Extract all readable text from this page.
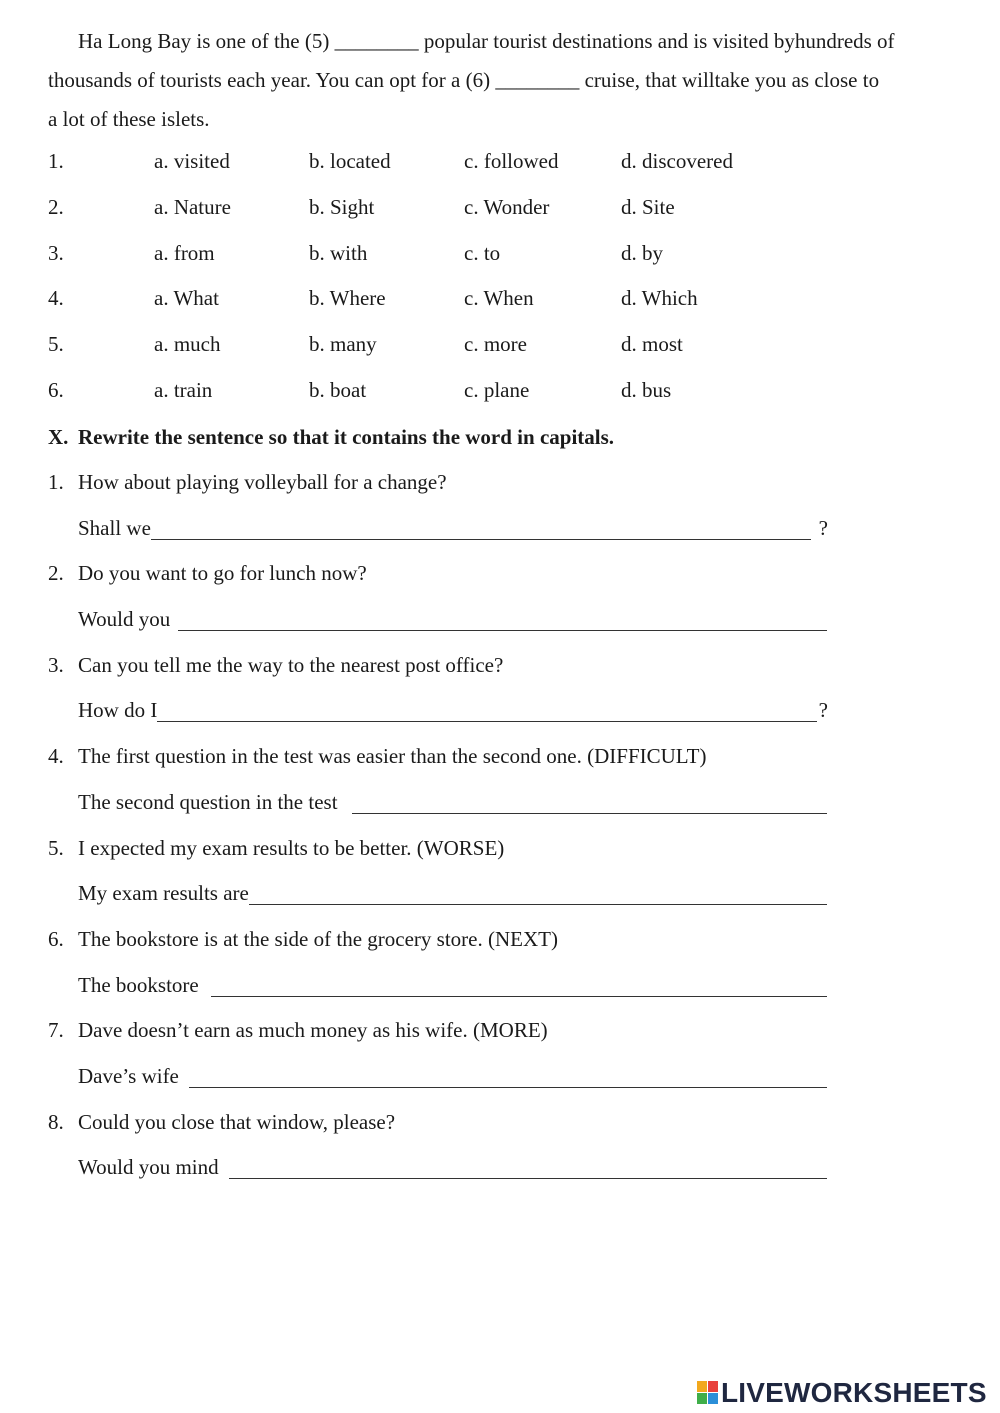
Ha Long Bay is one of the (5) ________ popular tourist destinations and is visited byhundreds of
thousands of tourists each year. You can opt for a (6) ________ cruise, that willtake you as close to
a lot of these islets.
1.	a. visited	b. located	c. followed	d. discovered
2.	a. Nature	b. Sight	c. Wonder	d. Site
3.	a. from	b. with	c. to	d. by
4.	a. What	b. Where	c. When	d. Which
5.	a. much	b. many	c. more	d. most
6.	a. train	b. boat	c. plane	d. bus
X. Rewrite the sentence so that it contains the word in capitals.
1. How about playing volleyball for a change?
Shall we	?
2. Do you want to go for lunch now?
Would you
3. Can you tell me the way to the nearest post office?
How do I	?
4. The first question in the test was easier than the second one. (DIFFICULT)
The second question in the test
5. I expected my exam results to be better. (WORSE)
My exam results are
6. The bookstore is at the side of the grocery store. (NEXT)
The bookstore
7. Dave doesn’t earn as much money as his wife. (MORE)
Dave’s wife
8. Could you close that window, please?
Would you mind
LIVEWORKSHEETS
